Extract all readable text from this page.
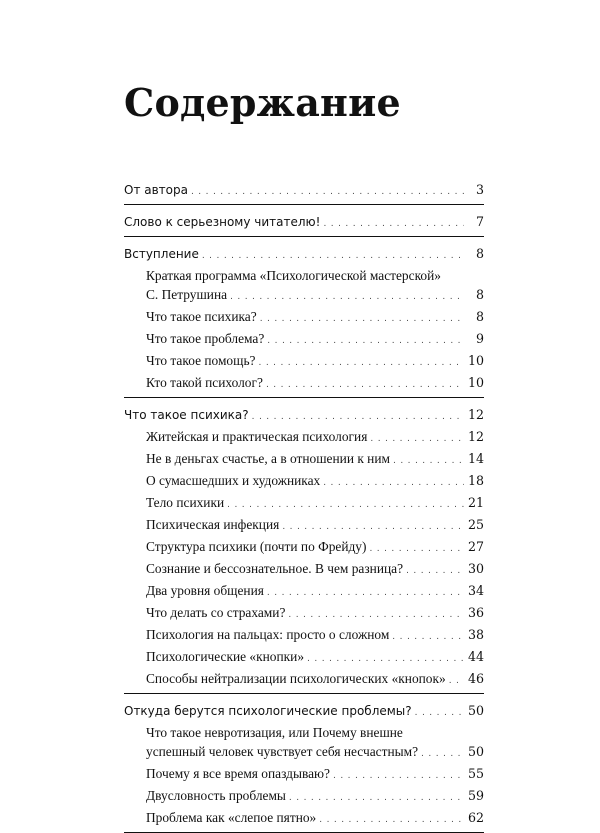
Содержание
От автора . . .	3
Слово к серьезному читателю! . . .	7
Вступление . . .	8
Краткая программа «Психологической мастерской»
С. Петрушина . . .	8
Что такое психика? . . .	8
Что такое проблема? . . .	9
Что такое помощь? . . .	10
Кто такой психолог? . . .	10
Что такое психика? . . .	12
Житейская и практическая психология . . .	12
Не в деньгах счастье, а в отношении к ним . . .	14
О сумасшедших и художниках . . .	18
Тело психики . . .	21
Психическая инфекция . . .	25
Структура психики (почти по Фрейду) . . .	27
Сознание и бессознательное. В чем разница? . . .	30
Два уровня общения . . .	34
Что делать со страхами? . . .	36
Психология на пальцах: просто о сложном . . .	38
Психологические «кнопки» . . .	44
Способы нейтрализации психологических «кнопок» . . . 46
Откуда берутся психологические проблемы? . . .	50
Что такое невротизация, или Почему внешне
успешный человек чувствует себя несчастным? . . .	50
Почему я все время опаздываю? . . .	55
Двусловность проблемы . . .	59
Проблема как «слепое пятно» . . .	62
